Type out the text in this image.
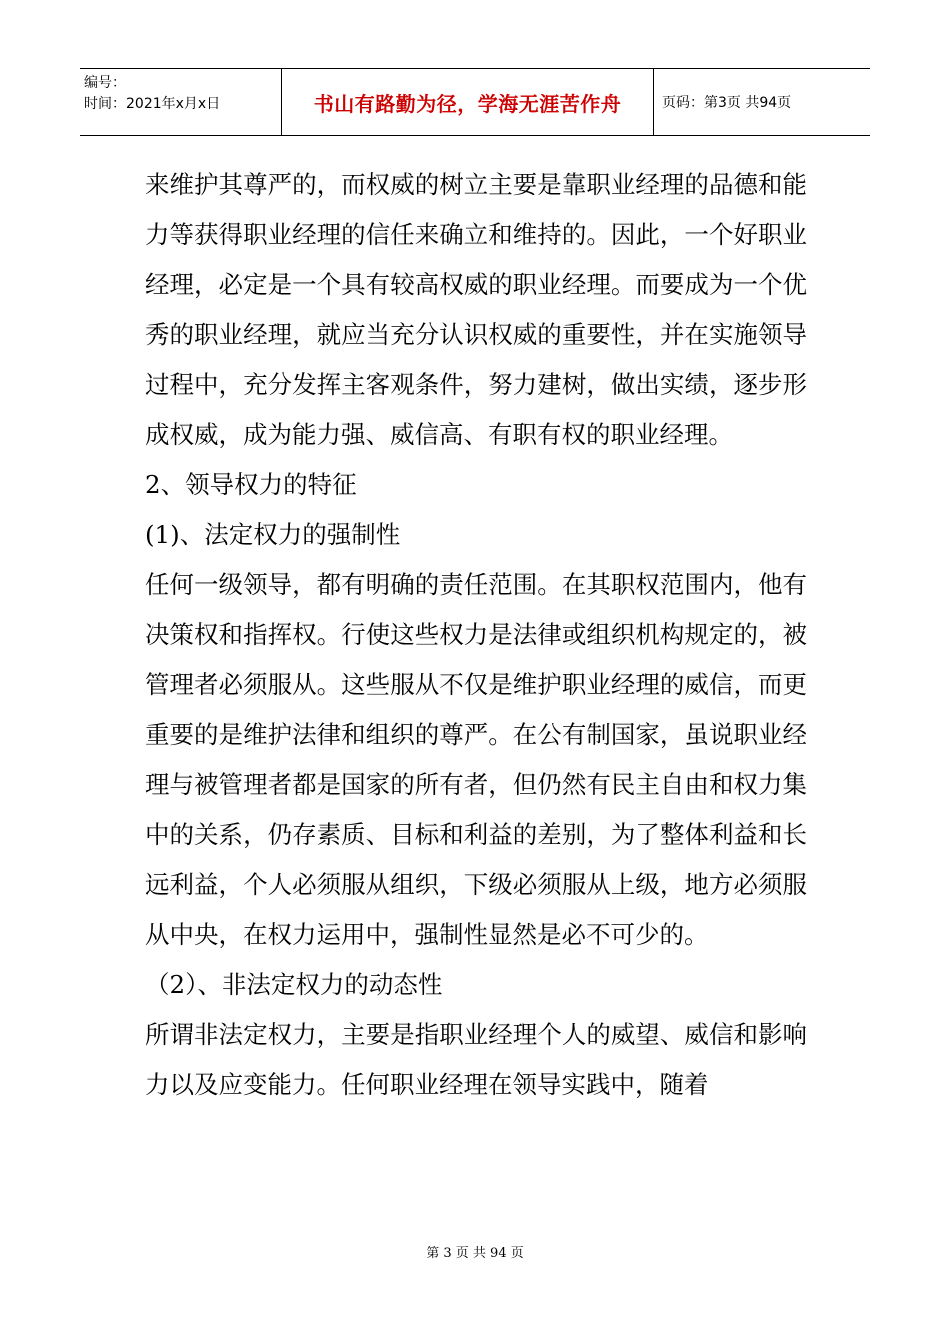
编号：
时间：2021年x月x日	书山有路勤为径，学海无涯苦作舟	页码：第3页 共94页

来维护其尊严的，而权威的树立主要是靠职业经理的品德和能力等获得职业经理的信任来确立和维持的。因此，一个好职业经理，必定是一个具有较高权威的职业经理。而要成为一个优秀的职业经理，就应当充分认识权威的重要性，并在实施领导过程中，充分发挥主客观条件，努力建树，做出实绩，逐步形成权威，成为能力强、威信高、有职有权的职业经理。

2、领导权力的特征

(1)、法定权力的强制性

任何一级领导，都有明确的责任范围。在其职权范围内，他有决策权和指挥权。行使这些权力是法律或组织机构规定的，被管理者必须服从。这些服从不仅是维护职业经理的威信，而更重要的是维护法律和组织的尊严。在公有制国家，虽说职业经理与被管理者都是国家的所有者，但仍然有民主自由和权力集中的关系，仍存素质、目标和利益的差别，为了整体利益和长远利益，个人必须服从组织，下级必须服从上级，地方必须服从中央，在权力运用中，强制性显然是必不可少的。

（2）、非法定权力的动态性

所谓非法定权力，主要是指职业经理个人的威望、威信和影响力以及应变能力。任何职业经理在领导实践中，随着

第 3 页 共 94 页
